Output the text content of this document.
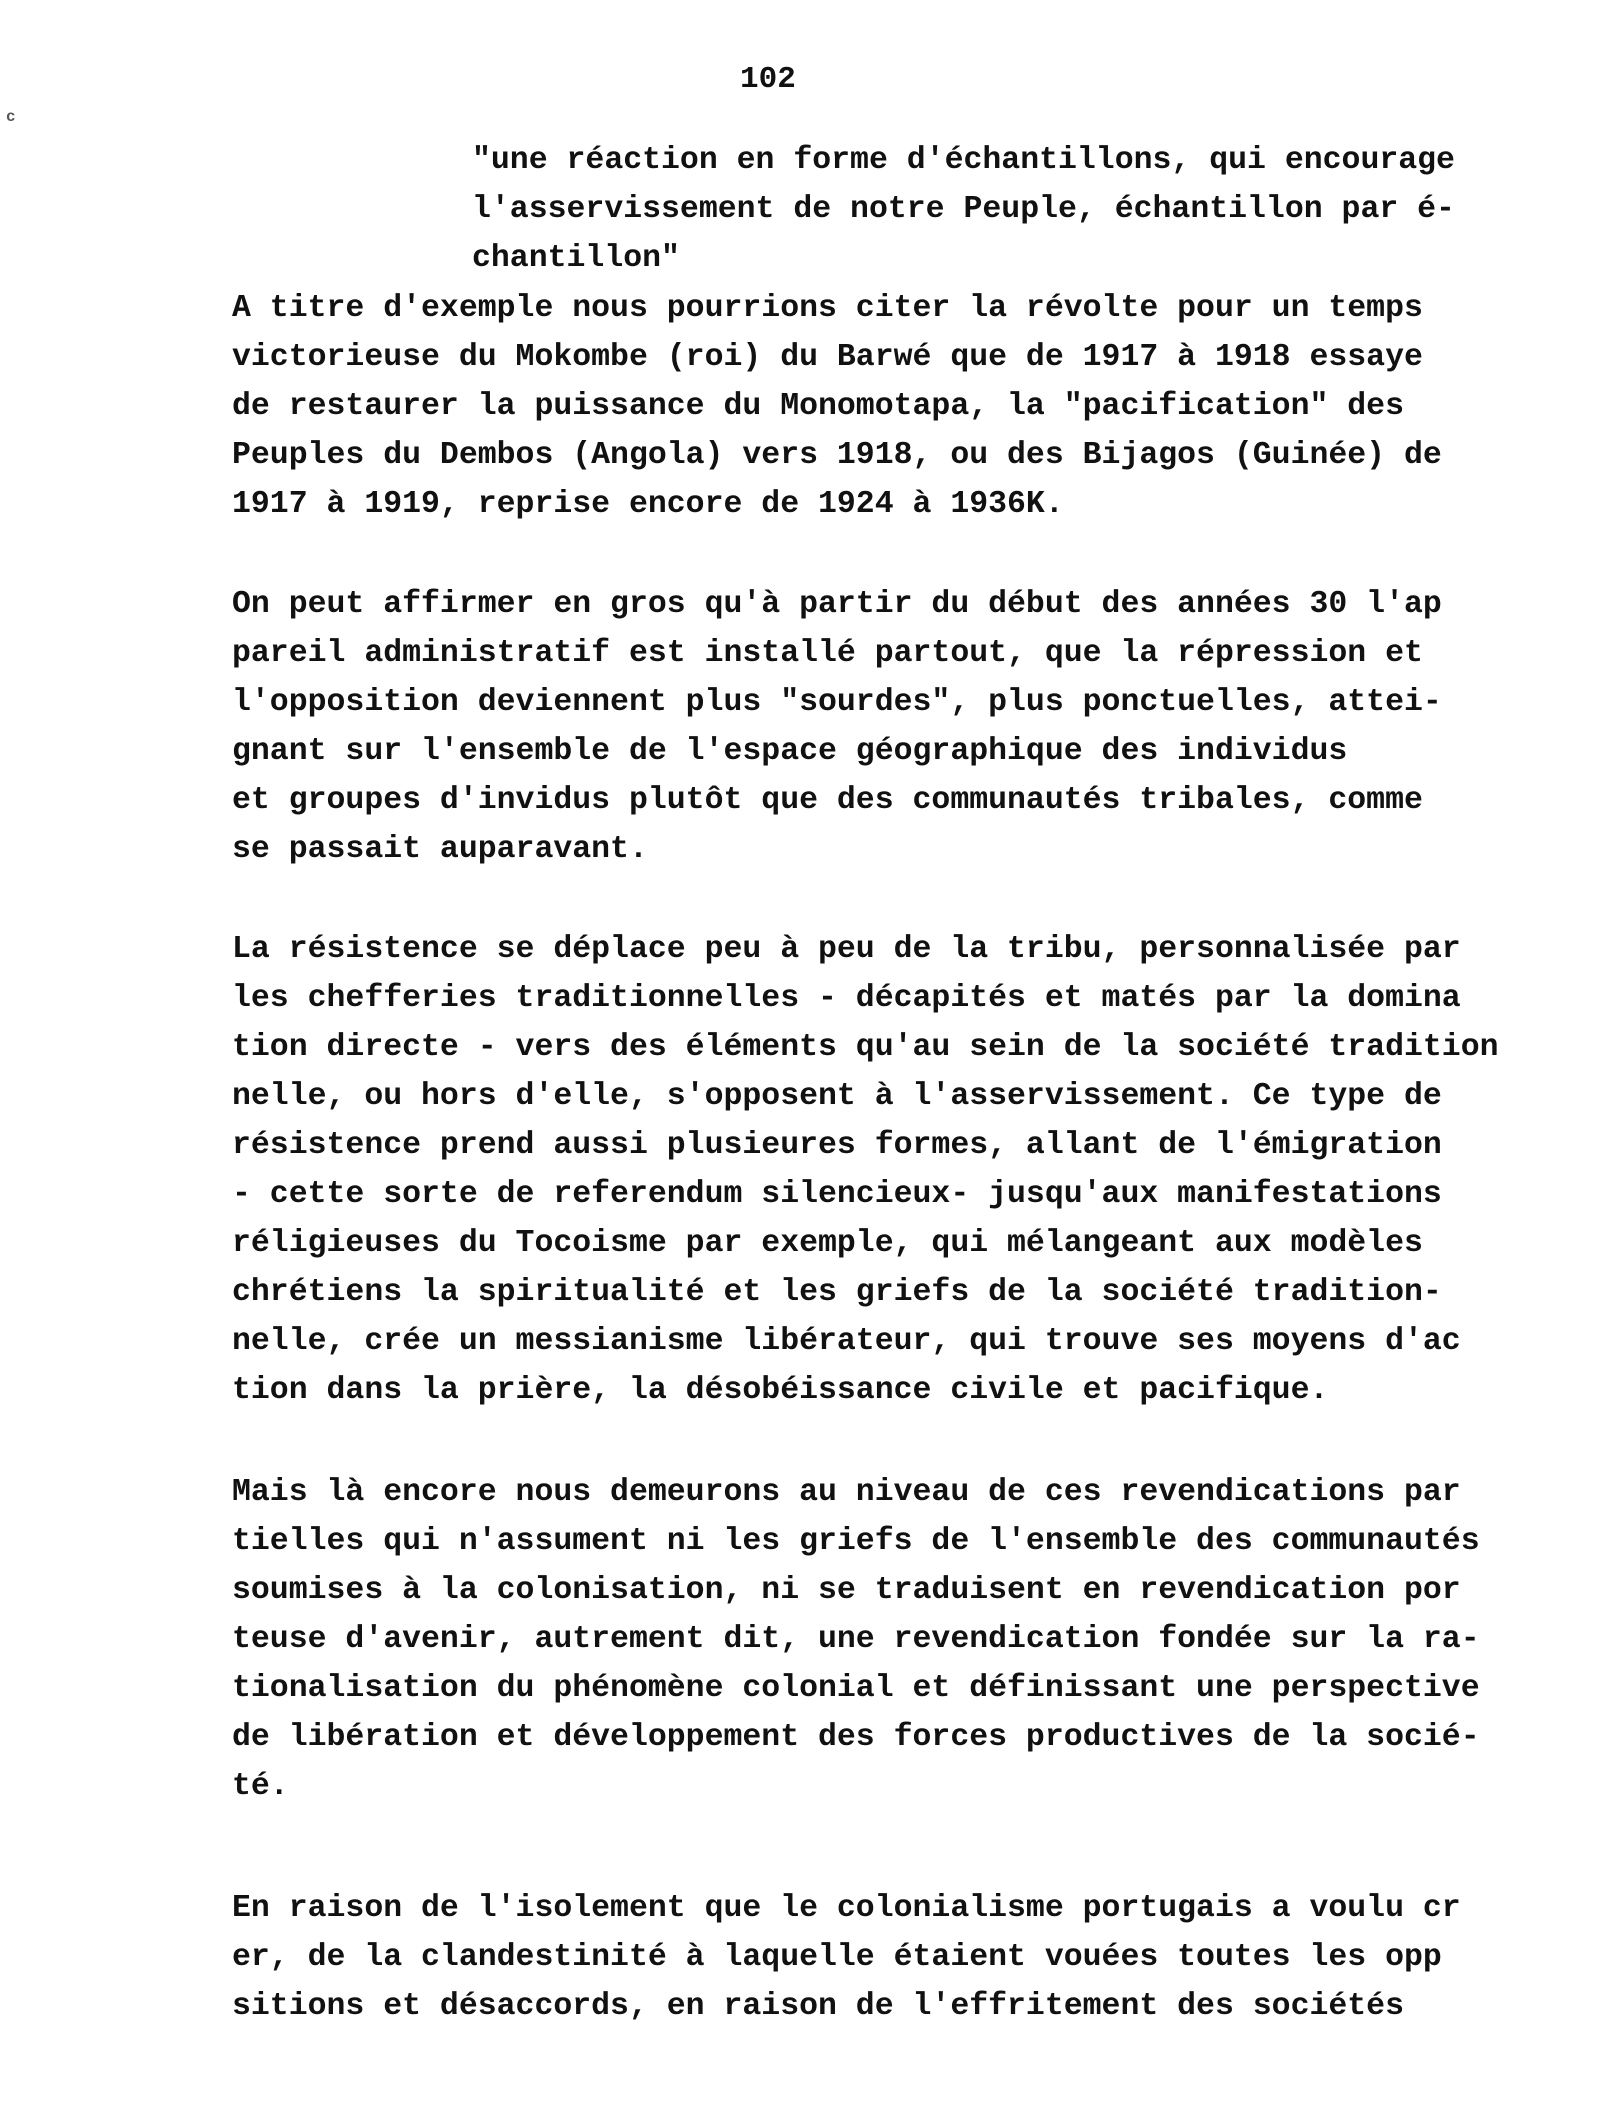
c
102
"une réaction en forme d'échantillons, qui encourage
l'asservissement de notre Peuple, échantillon par é-
chantillon"
A titre d'exemple nous pourrions citer la révolte pour un temps
victorieuse du Mokombe (roi) du Barwé que de 1917 à 1918 essaye
de restaurer la puissance du Monomotapa, la "pacification" des
Peuples du Dembos (Angola) vers 1918, ou des Bijagos (Guinée) de
1917 à 1919, reprise encore de 1924 à 1936K.
On peut affirmer en gros qu'à partir du début des années 30 l'ap
pareil administratif est installé partout, que la répression et
l'opposition deviennent plus "sourdes", plus ponctuelles, attei-
gnant sur l'ensemble de l'espace géographique des individus
et groupes d'invidus plutôt que des communautés tribales, comme
se passait auparavant.
La résistence se déplace peu à peu de la tribu, personnalisée par
les chefferies traditionnelles - décapités et matés par la domina
tion directe - vers des éléments qu'au sein de la société tradition
nelle, ou hors d'elle, s'opposent à l'asservissement. Ce type de
résistence prend aussi plusieures formes, allant de l'émigration
- cette sorte de referendum silencieux- jusqu'aux manifestations
réligieuses du Tocoisme par exemple, qui mélangeant aux modèles
chrétiens la spiritualité et les griefs de la société tradition-
nelle, crée un messianisme libérateur, qui trouve ses moyens d'ac
tion dans la prière, la désobéissance civile et pacifique.
Mais là encore nous demeurons au niveau de ces revendications par
tielles qui n'assument ni les griefs de l'ensemble des communautés
soumises à la colonisation, ni se traduisent en revendication por
teuse d'avenir, autrement dit, une revendication fondée sur la ra-
tionalisation du phénomène colonial et définissant une perspective
de libération et développement des forces productives de la socié-
té.
En raison de l'isolement que le colonialisme portugais a voulu cr
er, de la clandestinité à laquelle étaient vouées toutes les opp
sitions et désaccords, en raison de l'effritement des sociétés
